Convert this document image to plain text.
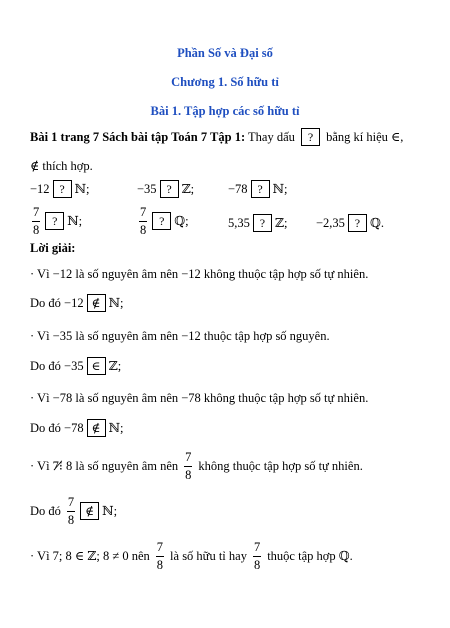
Phần Số và Đại số
Chương 1. Số hữu tỉ
Bài 1. Tập hợp các số hữu tỉ
Bài 1 trang 7 Sách bài tập Toán 7 Tập 1: Thay dấu ? bằng kí hiệu ∈,
∉ thích hợp.
−12 ? ℕ;	−35 ? ℤ;	−78 ? ℕ;
$\frac{7}{8}$ ? ℕ;	$\frac{7}{8}$ ? ℚ;	5,35 ? ℤ; −2,35 ? ℚ.
Lời giải:
· Vì −12 là số nguyên âm nên −12 không thuộc tập hợp số tự nhiên.
Do đó −12 ∉ ℕ;
· Vì −35 là số nguyên âm nên −12 thuộc tập hợp số nguyên.
Do đó −35 ∈ ℤ;
· Vì −78 là số nguyên âm nên −78 không thuộc tập hợp số tự nhiên.
Do đó −78 ∉ ℕ;
· Vì 7⁝̸ 8 là số nguyên âm nên $\frac{7}{8}$ không thuộc tập hợp số tự nhiên.
Do đó $\frac{7}{8}$ ∉ ℕ;
· Vì 7; 8 ∈ ℤ; 8 ≠ 0 nên $\frac{7}{8}$ là số hữu tỉ hay $\frac{7}{8}$ thuộc tập hợp ℚ.
